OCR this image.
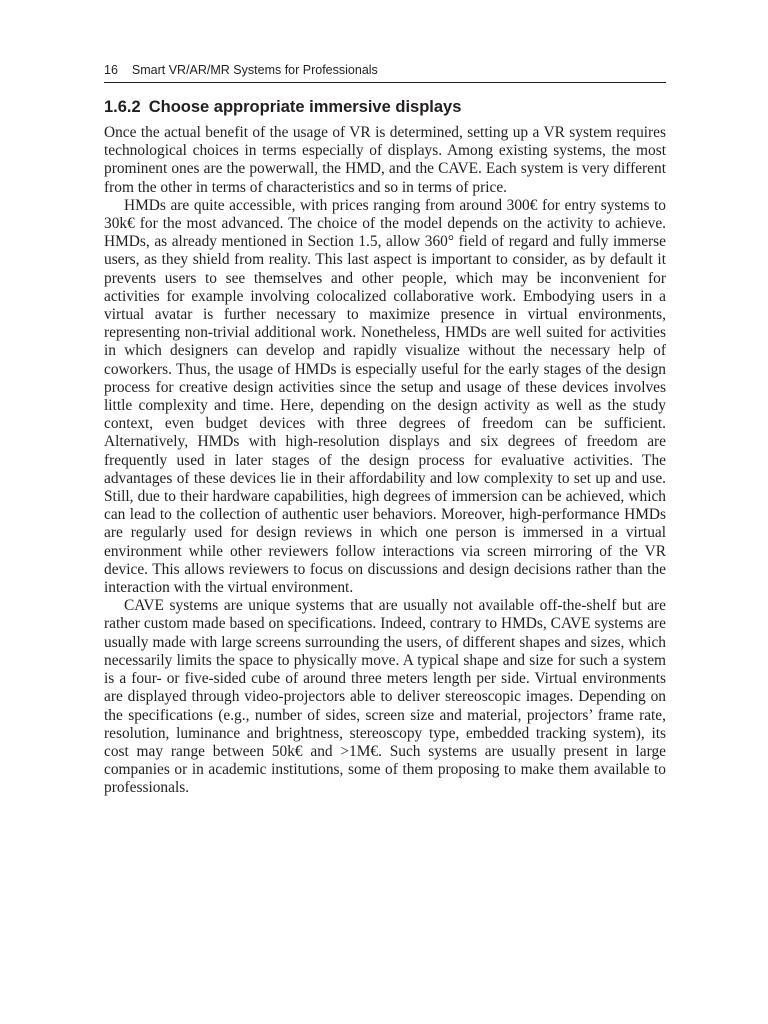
16 Smart VR/AR/MR Systems for Professionals
1.6.2 Choose appropriate immersive displays

Once the actual benefit of the usage of VR is determined, setting up a VR system requires technological choices in terms especially of displays. Among existing systems, the most prominent ones are the powerwall, the HMD, and the CAVE. Each system is very different from the other in terms of characteristics and so in terms of price.

HMDs are quite accessible, with prices ranging from around 300€ for entry systems to 30k€ for the most advanced. The choice of the model depends on the activity to achieve. HMDs, as already mentioned in Section 1.5, allow 360° field of regard and fully immerse users, as they shield from reality. This last aspect is important to consider, as by default it prevents users to see themselves and other people, which may be inconvenient for activities for example involving colocalized collaborative work. Embodying users in a virtual avatar is further necessary to maximize presence in virtual environments, representing non-trivial additional work. Nonetheless, HMDs are well suited for activities in which designers can develop and rapidly visualize without the necessary help of coworkers. Thus, the usage of HMDs is especially useful for the early stages of the design process for creative design activities since the setup and usage of these devices involves little complexity and time. Here, depending on the design activity as well as the study context, even budget devices with three degrees of freedom can be sufficient. Alternatively, HMDs with high-resolution displays and six degrees of freedom are frequently used in later stages of the design process for evaluative activities. The advantages of these devices lie in their affordability and low complexity to set up and use. Still, due to their hardware capabilities, high degrees of immersion can be achieved, which can lead to the collection of authentic user behaviors. Moreover, high-performance HMDs are regularly used for design reviews in which one person is immersed in a virtual environment while other reviewers follow interactions via screen mirroring of the VR device. This allows reviewers to focus on discussions and design decisions rather than the interaction with the virtual environment.

CAVE systems are unique systems that are usually not available off-the-shelf but are rather custom made based on specifications. Indeed, contrary to HMDs, CAVE systems are usually made with large screens surrounding the users, of different shapes and sizes, which necessarily limits the space to physically move. A typical shape and size for such a system is a four- or five-sided cube of around three meters length per side. Virtual environments are displayed through video-projectors able to deliver stereoscopic images. Depending on the specifications (e.g., number of sides, screen size and material, projectors’ frame rate, resolution, luminance and brightness, stereoscopy type, embedded tracking system), its cost may range between 50k€ and >1M€. Such systems are usually present in large companies or in academic institutions, some of them proposing to make them available to professionals.
